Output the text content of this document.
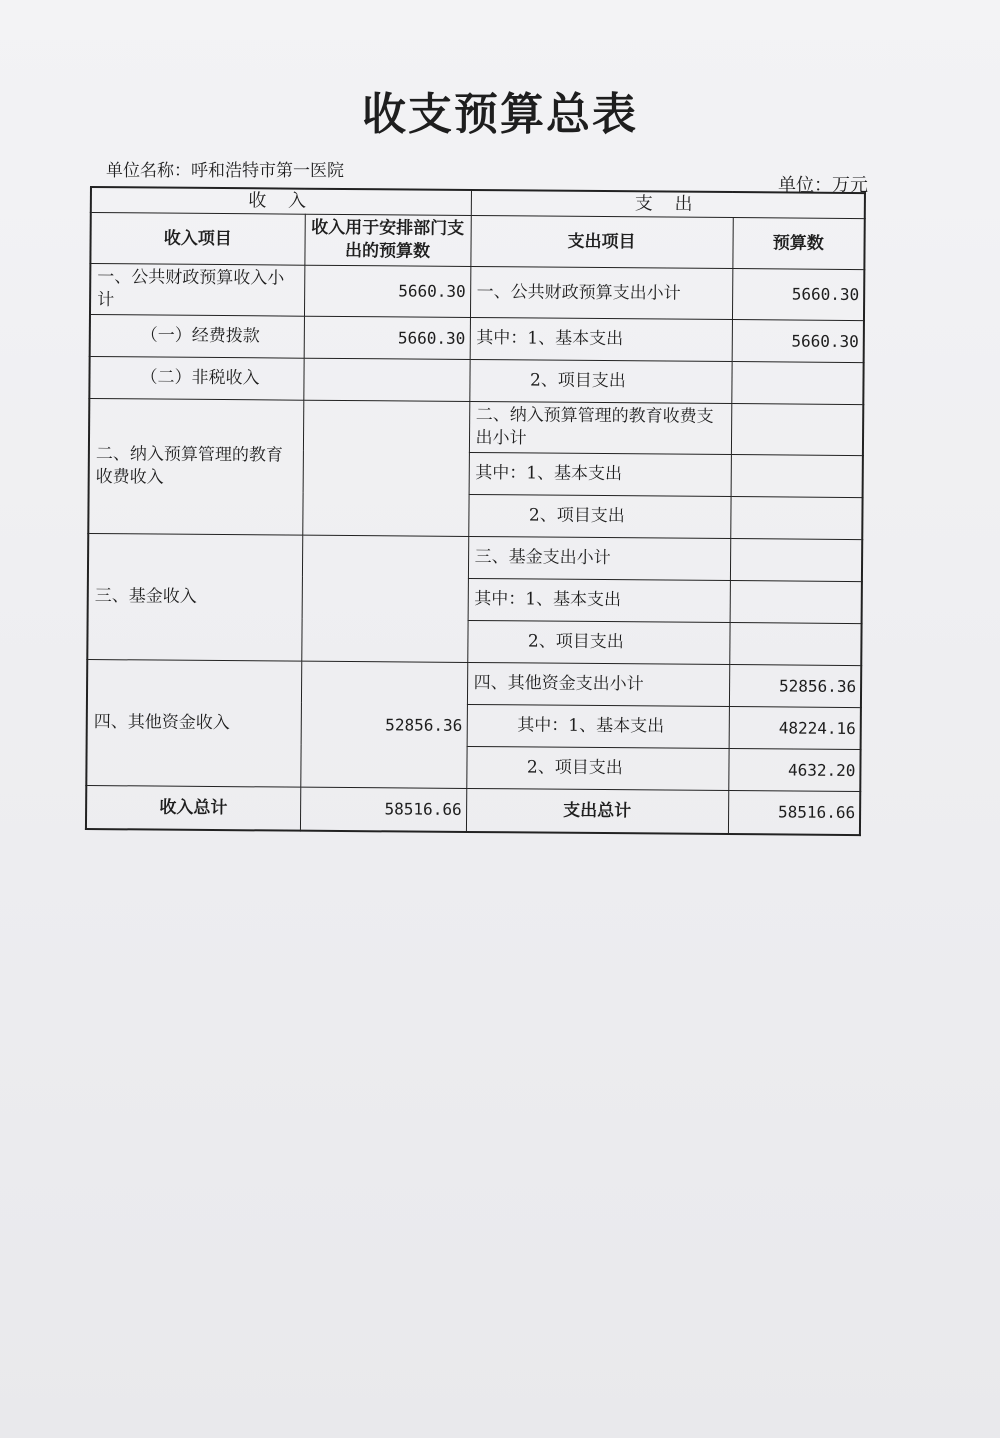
收支预算总表
单位名称：呼和浩特市第一医院
单位：万元
收 入		支 出	
收入项目	收入用于安排部门支出的预算数	支出项目	预算数
一、公共财政预算收入小计	5660.30	一、公共财政预算支出小计	5660.30
（一）经费拨款	5660.30	其中：1、基本支出	5660.30
（二）非税收入		2、项目支出	
二、纳入预算管理的教育收费收入		二、纳入预算管理的教育收费支出小计	
		其中：1、基本支出	
		2、项目支出	
三、基金收入		三、基金支出小计	
		其中：1、基本支出	
		2、项目支出	
四、其他资金收入	52856.36	四、其他资金支出小计	52856.36
		其中：1、基本支出	48224.16
		2、项目支出	4632.20
收入总计	58516.66	支出总计	58516.66
